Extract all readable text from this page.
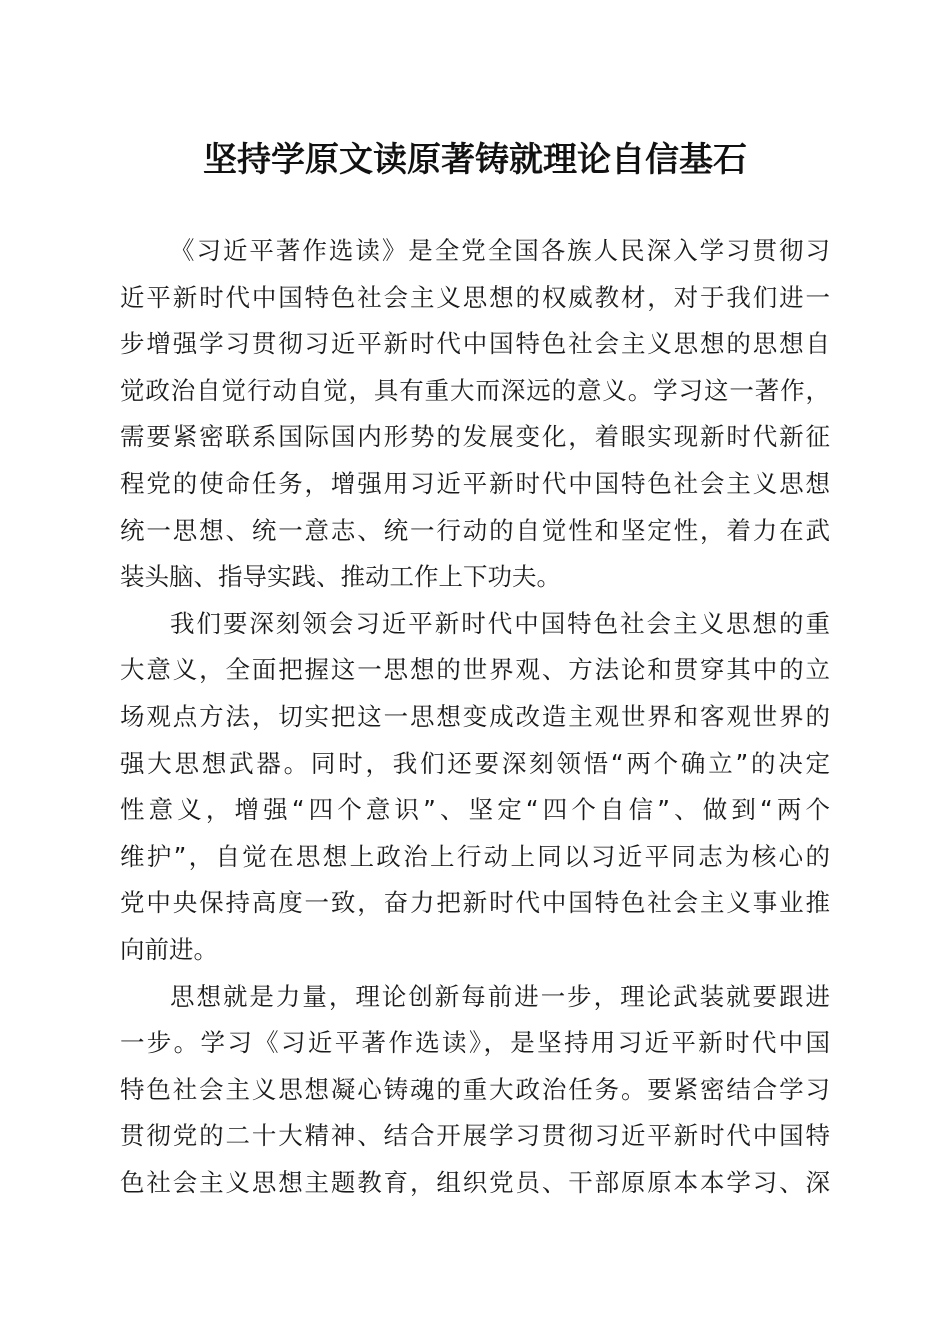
坚持学原文读原著铸就理论自信基石
《习近平著作选读》是全党全国各族人民深入学习贯彻习
近平新时代中国特色社会主义思想的权威教材，对于我们进一
步增强学习贯彻习近平新时代中国特色社会主义思想的思想自
觉政治自觉行动自觉，具有重大而深远的意义。学习这一著作，
需要紧密联系国际国内形势的发展变化，着眼实现新时代新征
程党的使命任务，增强用习近平新时代中国特色社会主义思想
统一思想、统一意志、统一行动的自觉性和坚定性，着力在武
装头脑、指导实践、推动工作上下功夫。
我们要深刻领会习近平新时代中国特色社会主义思想的重
大意义，全面把握这一思想的世界观、方法论和贯穿其中的立
场观点方法，切实把这一思想变成改造主观世界和客观世界的
强大思想武器。同时，我们还要深刻领悟“两个确立”的决定
性意义，增强“四个意识”、坚定“四个自信”、做到“两个
维护”，自觉在思想上政治上行动上同以习近平同志为核心的
党中央保持高度一致，奋力把新时代中国特色社会主义事业推
向前进。
思想就是力量，理论创新每前进一步，理论武装就要跟进
一步。学习《习近平著作选读》，是坚持用习近平新时代中国
特色社会主义思想凝心铸魂的重大政治任务。要紧密结合学习
贯彻党的二十大精神、结合开展学习贯彻习近平新时代中国特
色社会主义思想主题教育，组织党员、干部原原本本学习、深
